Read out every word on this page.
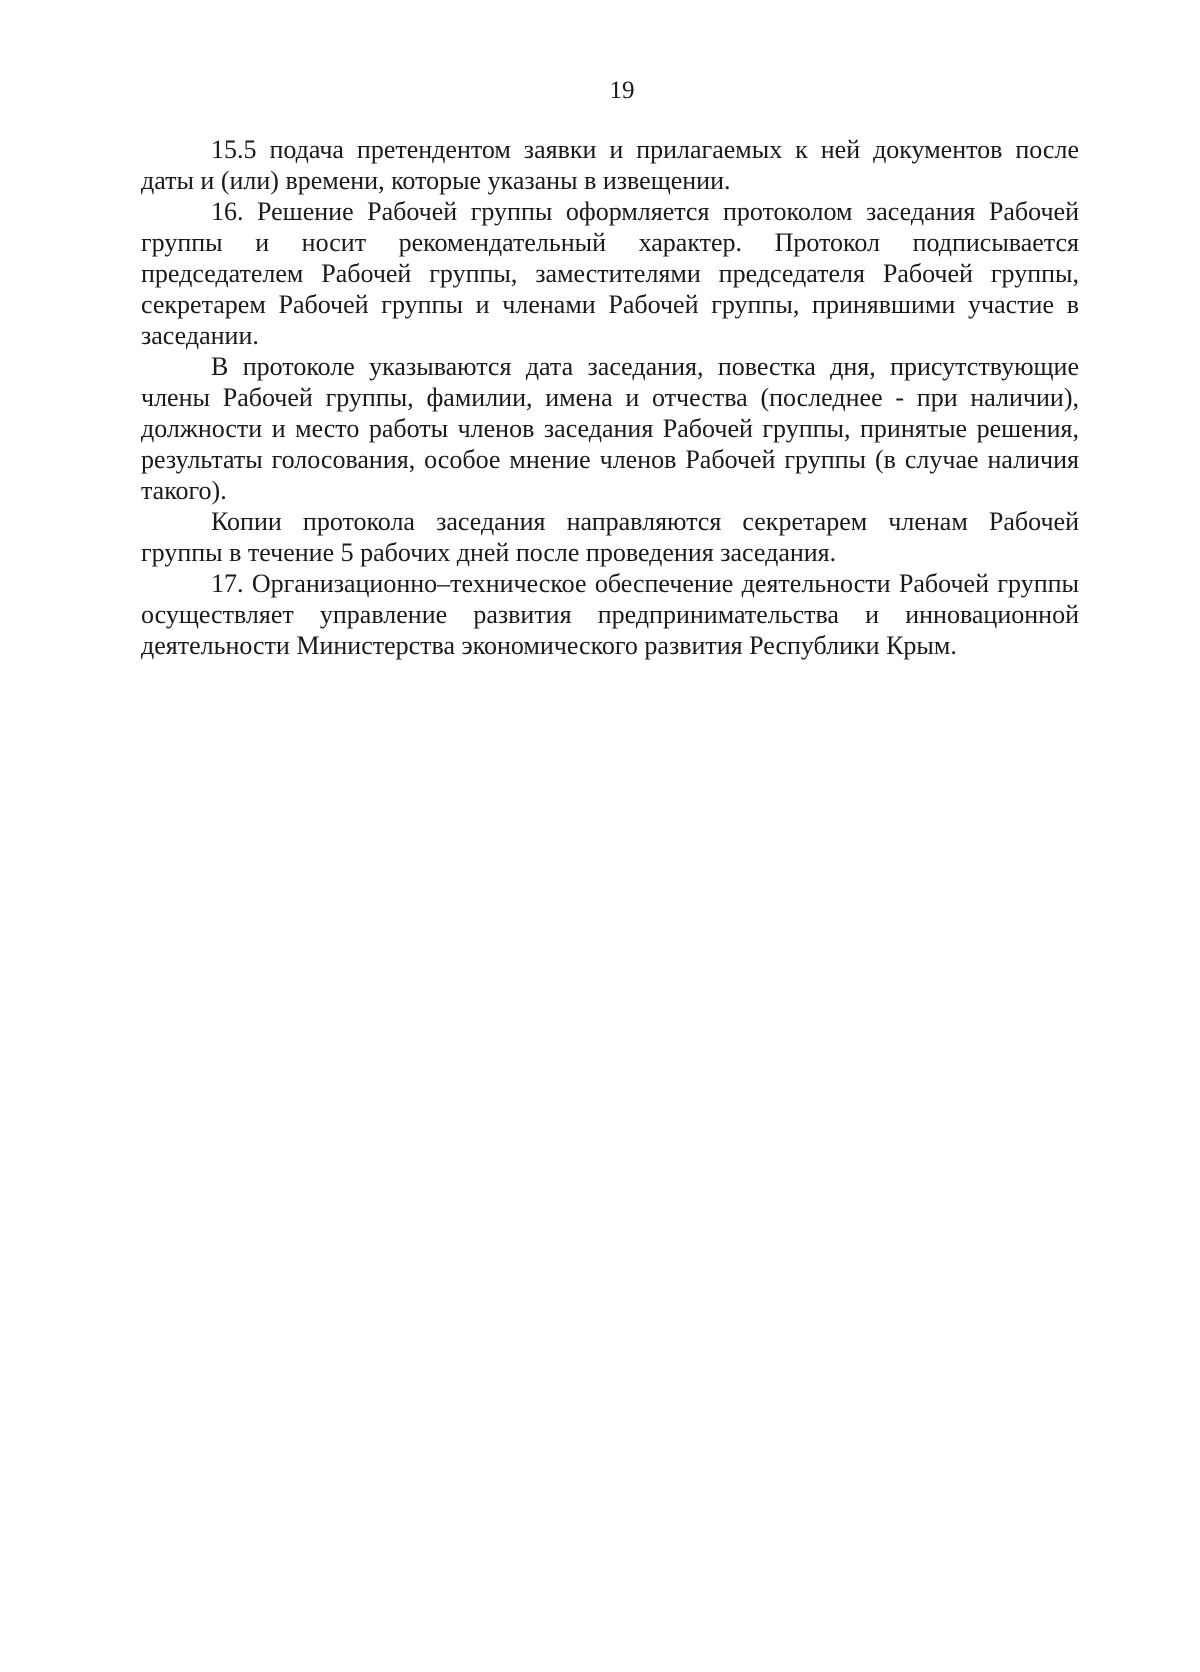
19

15.5 подача претендентом заявки и прилагаемых к ней документов после даты и (или) времени, которые указаны в извещении.

16. Решение Рабочей группы оформляется протоколом заседания Рабочей группы и носит рекомендательный характер. Протокол подписывается председателем Рабочей группы, заместителями председателя Рабочей группы, секретарем Рабочей группы и членами Рабочей группы, принявшими участие в заседании.

В протоколе указываются дата заседания, повестка дня, присутствующие члены Рабочей группы, фамилии, имена и отчества (последнее - при наличии), должности и место работы членов заседания Рабочей группы, принятые решения, результаты голосования, особое мнение членов Рабочей группы (в случае наличия такого).

Копии протокола заседания направляются секретарем членам Рабочей группы в течение 5 рабочих дней после проведения заседания.

17. Организационно–техническое обеспечение деятельности Рабочей группы осуществляет управление развития предпринимательства и инновационной деятельности Министерства экономического развития Республики Крым.
